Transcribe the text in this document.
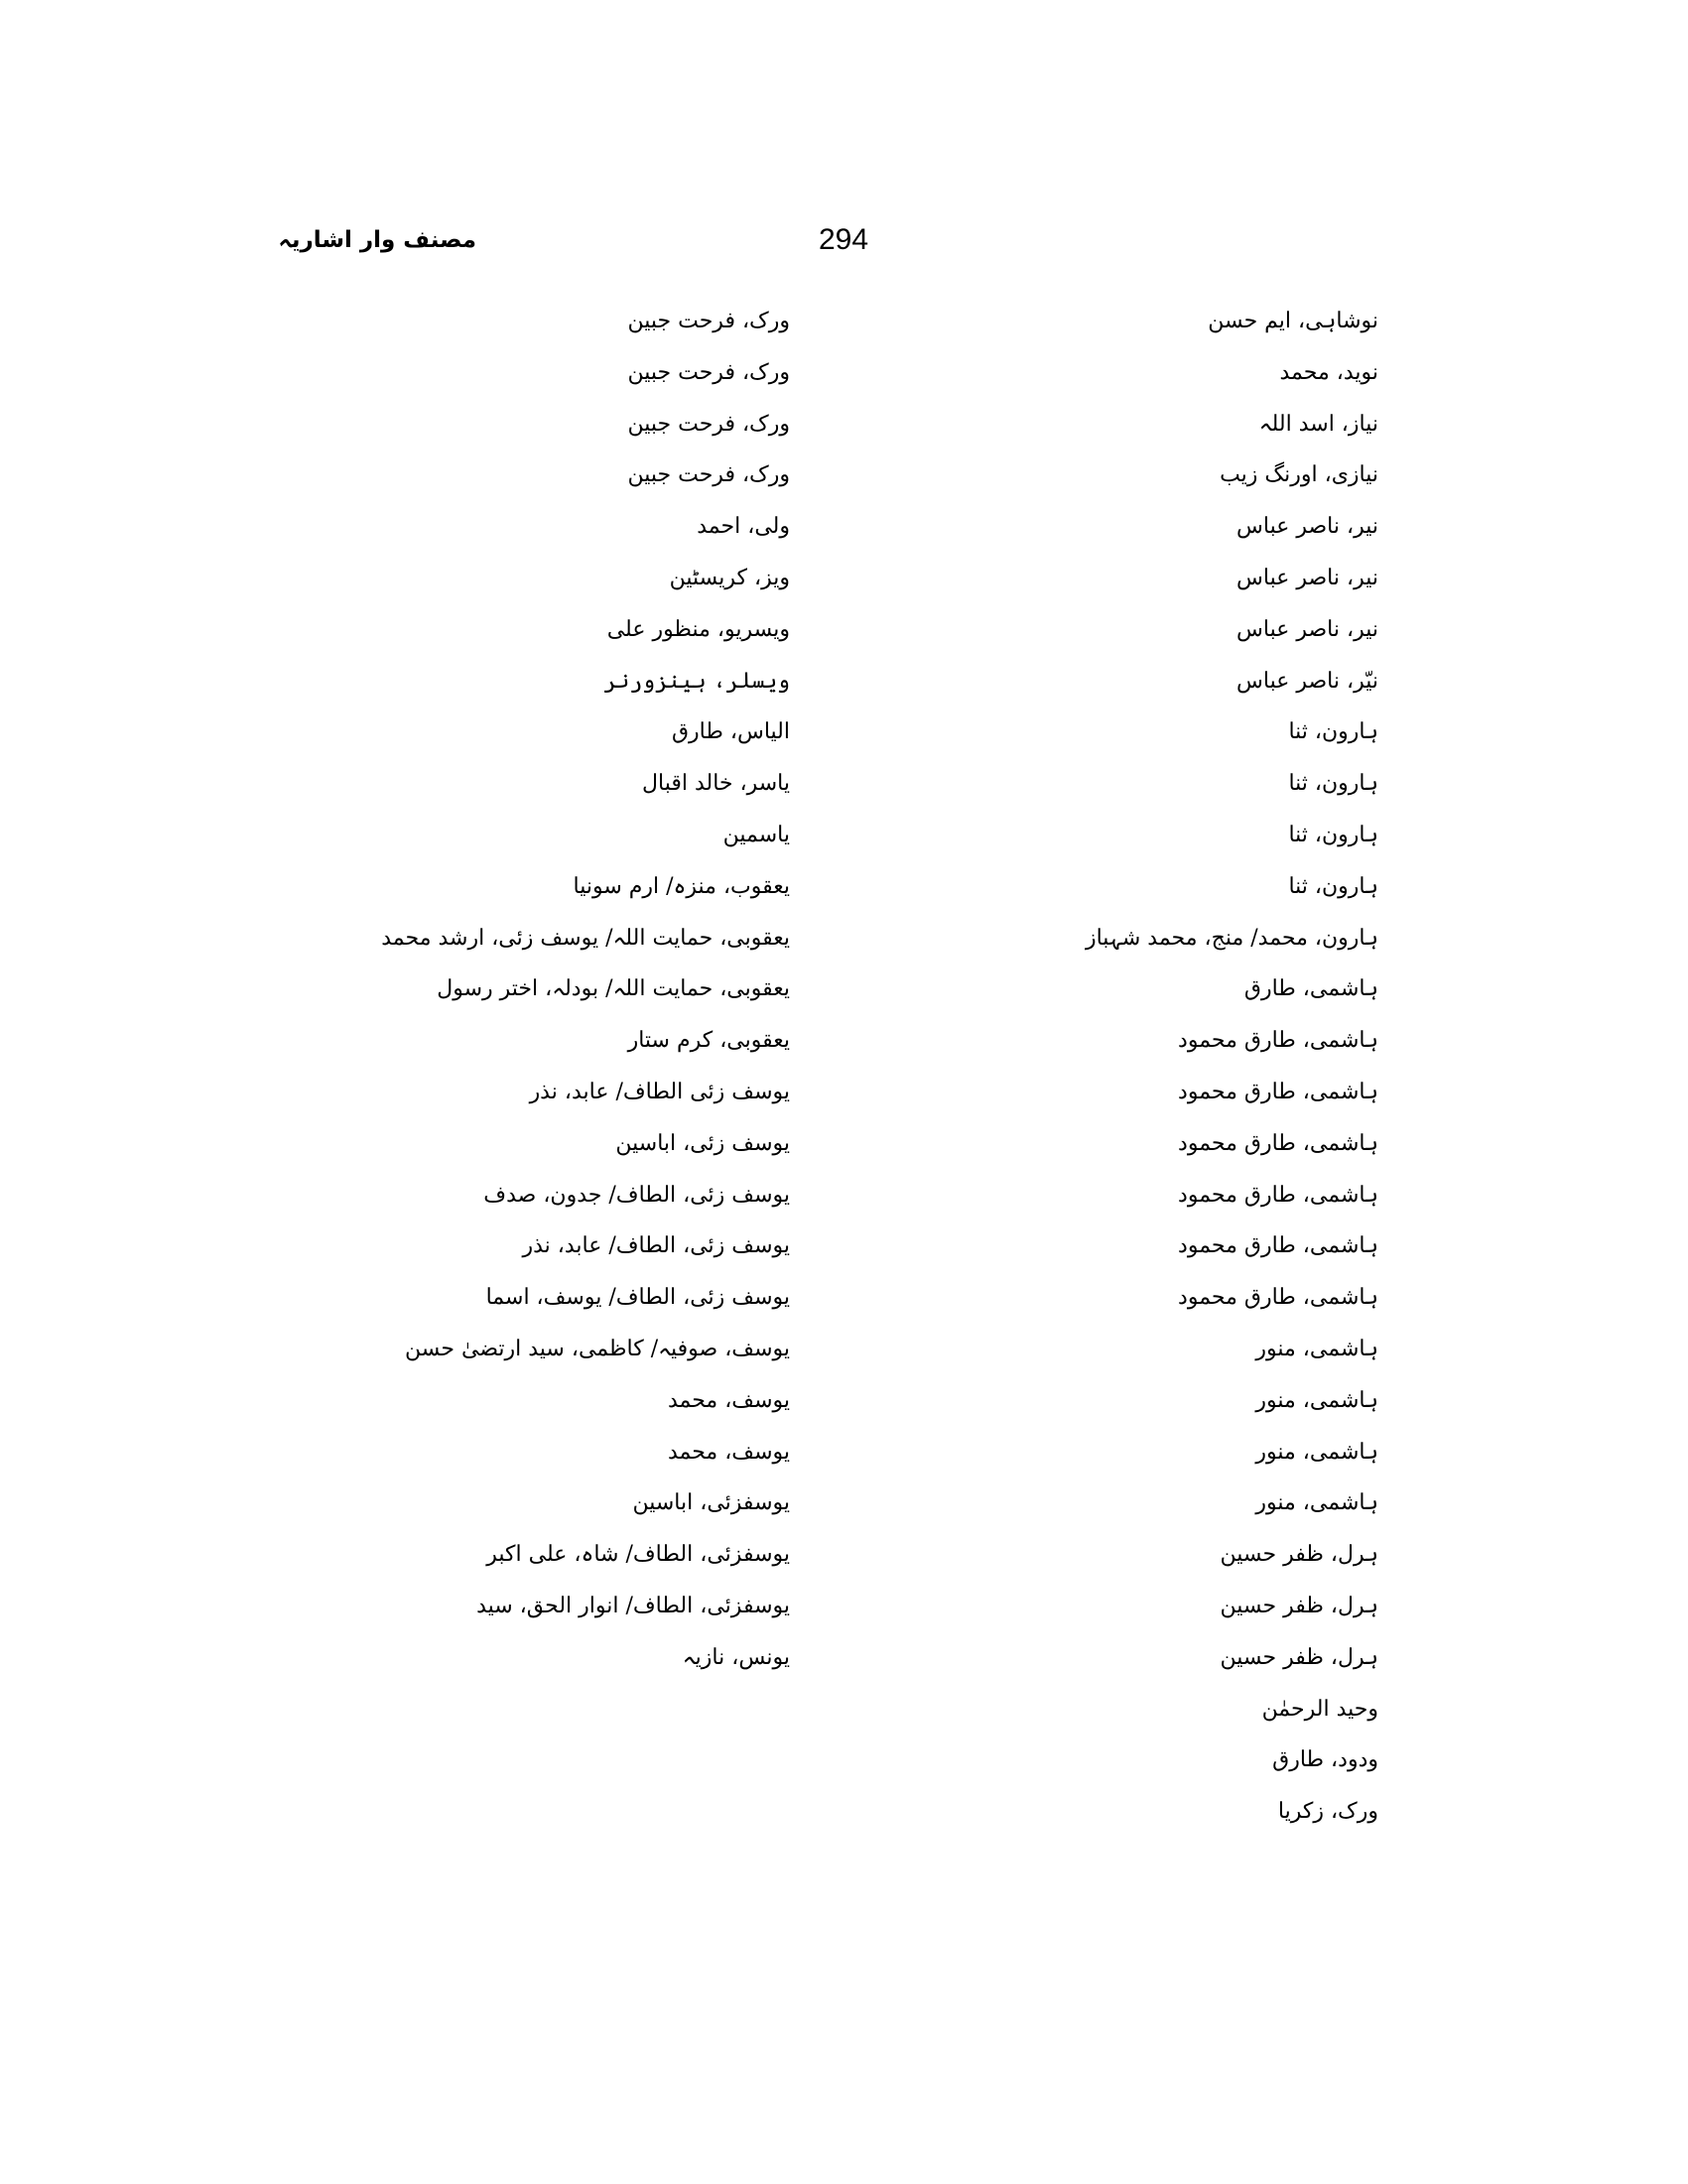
294
مصنف وار اشاریہ
نوشاہی، ایم حسن
نوید، محمد
نیاز، اسد اللہ
نیازی، اورنگ زیب
نیر، ناصر عباس
نیر، ناصر عباس
نیر، ناصر عباس
نیّر، ناصر عباس
ہارون، ثنا
ہارون، ثنا
ہارون، ثنا
ہارون، ثنا
ہارون، محمد/ منج، محمد شہباز
ہاشمی، طارق
ہاشمی، طارق محمود
ہاشمی، طارق محمود
ہاشمی، طارق محمود
ہاشمی، طارق محمود
ہاشمی، طارق محمود
ہاشمی، طارق محمود
ہاشمی، منور
ہاشمی، منور
ہاشمی، منور
ہاشمی، منور
ہرل، ظفر حسین
ہرل، ظفر حسین
ہرل، ظفر حسین
وحید الرحمٰن
ودود، طارق
ورک، زکریا
ورک، فرحت جبین
ورک، فرحت جبین
ورک، فرحت جبین
ورک، فرحت جبین
ولی، احمد
ویز، کریسٹین
ویسریو، منظور علی
ویسلر، ہینزورنر
الیاس، طارق
یاسر، خالد اقبال
یاسمین
یعقوب، منزہ/ ارم سونیا
یعقوبی، حمایت اللہ/ یوسف زئی، ارشد محمد
یعقوبی، حمایت اللہ/ بودلہ، اختر رسول
یعقوبی، کرم ستار
یوسف زئی الطاف/ عابد، نذر
یوسف زئی، اباسین
یوسف زئی، الطاف/ جدون، صدف
یوسف زئی، الطاف/ عابد، نذر
یوسف زئی، الطاف/ یوسف، اسما
یوسف، صوفیہ/ کاظمی، سید ارتضیٰ حسن
یوسف، محمد
یوسف، محمد
یوسفزئی، اباسین
یوسفزئی، الطاف/ شاہ، علی اکبر
یوسفزئی، الطاف/ انوار الحق، سید
یونس، نازیہ
